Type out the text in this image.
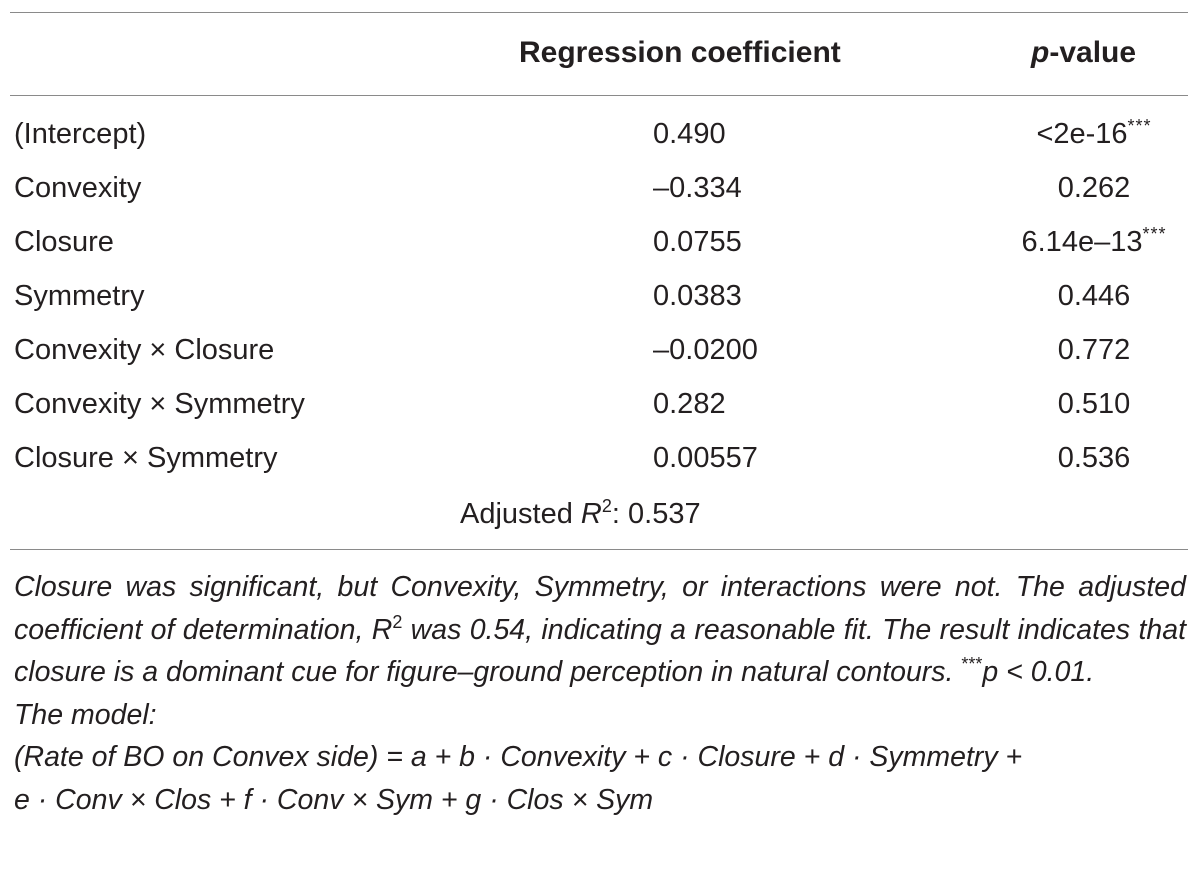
Regression coefficient	p-value
(Intercept)	0.490	<2e-16***
Convexity	–0.334	0.262
Closure	0.0755	6.14e–13***
Symmetry	0.0383	0.446
Convexity × Closure	–0.0200	0.772
Convexity × Symmetry	0.282	0.510
Closure × Symmetry	0.00557	0.536
Adjusted $R^2$: 0.537

Closure was significant, but Convexity, Symmetry, or interactions were not. The adjusted coefficient of determination, $R^2$ was 0.54, indicating a reasonable fit. The result indicates that closure is a dominant cue for figure–ground perception in natural contours. ***p < 0.01.

The model:
(Rate of BO on Convex side) = a + b · Convexity + c · Closure + d · Symmetry +
e · Conv × Clos + f · Conv × Sym + g · Clos × Sym
